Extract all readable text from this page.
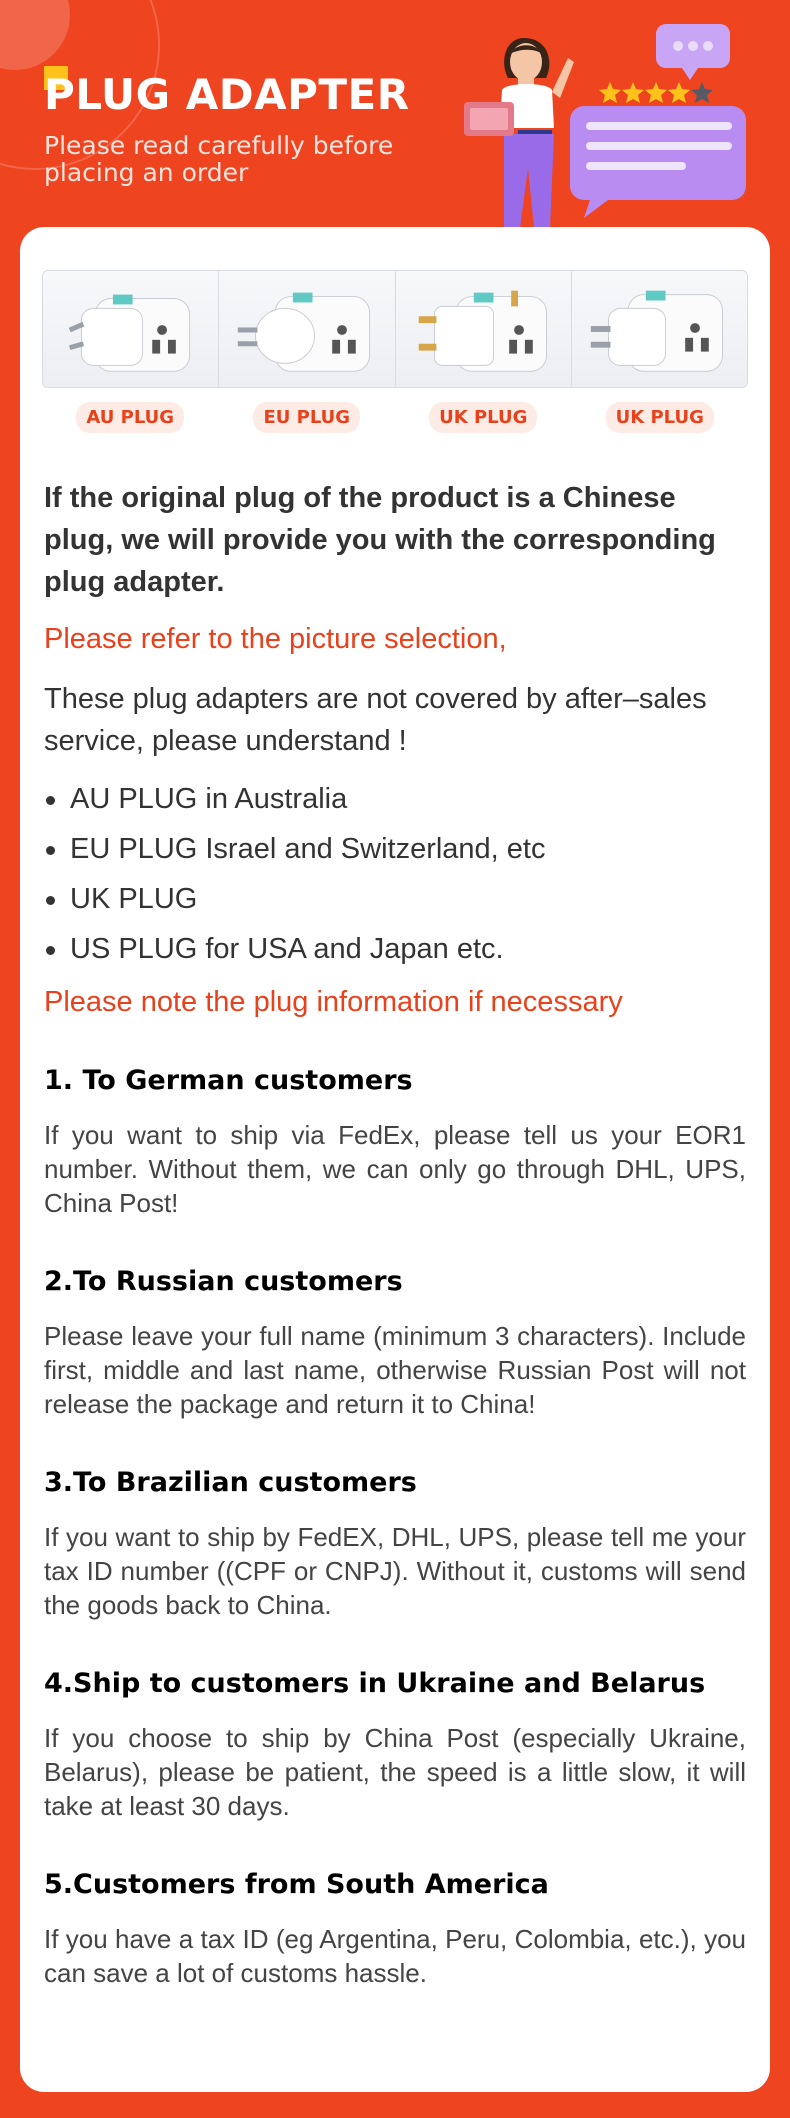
PLUG ADAPTER
Please read carefully before placing an order
AU PLUG	EU PLUG	UK PLUG	UK PLUG

If the original plug of the product is a Chinese plug, we will provide you with the corresponding plug adapter.

Please refer to the picture selection,

These plug adapters are not covered by after–sales service, please understand !

AU PLUG in Australia
EU PLUG Israel and Switzerland, etc
UK PLUG
US PLUG for USA and Japan etc.

Please note the plug information if necessary

1. To German customers

If you want to ship via FedEx, please tell us your EOR1 number. Without them, we can only go through DHL, UPS, China Post!

2.To Russian customers

Please leave your full name (minimum 3 characters). Include first, middle and last name, otherwise Russian Post will not release the package and return it to China!

3.To Brazilian customers

If you want to ship by FedEX, DHL, UPS, please tell me your tax ID number ((CPF or CNPJ). Without it, customs will send the goods back to China.

4.Ship to customers in Ukraine and Belarus

If you choose to ship by China Post (especially Ukraine, Belarus), please be patient, the speed is a little slow, it will take at least 30 days.

5.Customers from South America

If you have a tax ID (eg Argentina, Peru, Colombia, etc.), you can save a lot of customs hassle.
